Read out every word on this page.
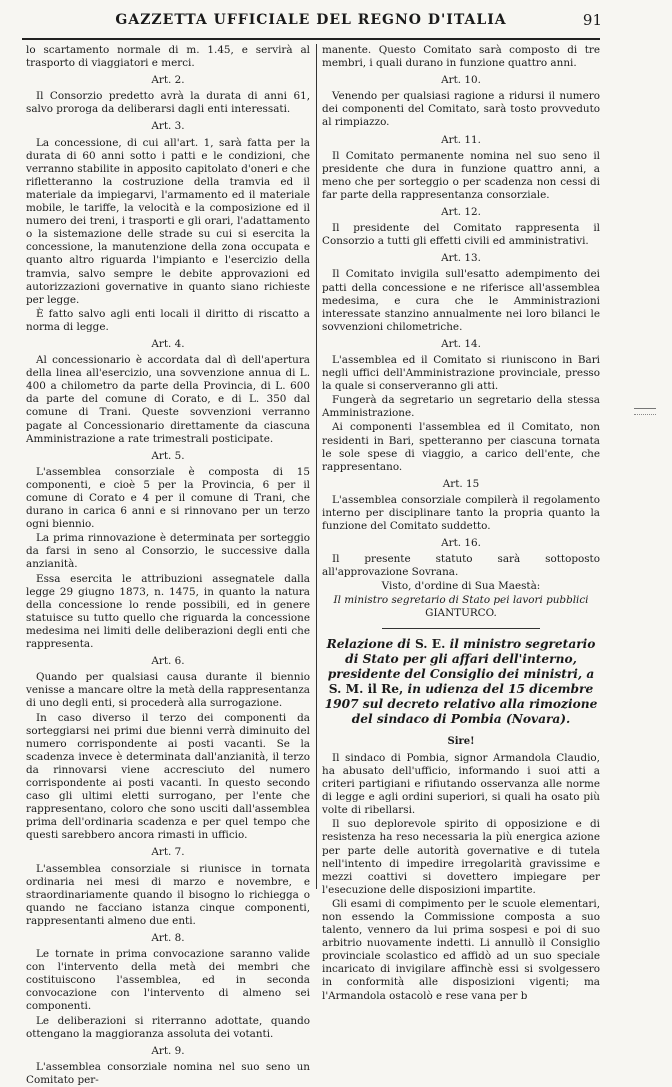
GAZZETTA UFFICIALE DEL REGNO D'ITALIA	91

lo scartamento normale di m. 1.45, e servirà al trasporto di viaggiatori e merci.

Art. 2.

Il Consorzio predetto avrà la durata di anni 61, salvo proroga da deliberarsi dagli enti interessati.

Art. 3.

La concessione, di cui all'art. 1, sarà fatta per la durata di 60 anni sotto i patti e le condizioni, che verranno stabilite in apposito capitolato d'oneri e che rifletteranno la costruzione della tramvia ed il materiale da impiegarvi, l'armamento ed il materiale mobile, le tariffe, la velocità e la composizione ed il numero dei treni, i trasporti e gli orari, l'adattamento o la sistemazione delle strade su cui si esercita la concessione, la manutenzione della zona occupata e quanto altro riguarda l'impianto e l'esercizio della tramvia, salvo sempre le debite approvazioni ed autorizzazioni governative in quanto siano richieste per legge.

È fatto salvo agli enti locali il diritto di riscatto a norma di legge.

Art. 4.

Al concessionario è accordata dal dì dell'apertura della linea all'esercizio, una sovvenzione annua di L. 400 a chilometro da parte della Provincia, di L. 600 da parte del comune di Corato, e di L. 350 dal comune di Trani. Queste sovvenzioni verranno pagate al Concessionario direttamente da ciascuna Amministrazione a rate trimestrali posticipate.

Art. 5.

L'assemblea consorziale è composta di 15 componenti, e cioè 5 per la Provincia, 6 per il comune di Corato e 4 per il comune di Trani, che durano in carica 6 anni e si rinnovano per un terzo ogni biennio.

La prima rinnovazione è determinata per sorteggio da farsi in seno al Consorzio, le successive dalla anzianità.

Essa esercita le attribuzioni assegnatele dalla legge 29 giugno 1873, n. 1475, in quanto la natura della concessione lo rende possibili, ed in genere statuisce su tutto quello che riguarda la concessione medesima nei limiti delle deliberazioni degli enti che rappresenta.

Art. 6.

Quando per qualsiasi causa durante il biennio venisse a mancare oltre la metà della rappresentanza di uno degli enti, si procederà alla surrogazione.

In caso diverso il terzo dei componenti da sorteggiarsi nei primi due bienni verrà diminuito del numero corrispondente ai posti vacanti. Se la scadenza invece è determinata dall'anzianità, il terzo da rinnovarsi viene accresciuto del numero corrispondente ai posti vacanti. In questo secondo caso gli ultimi eletti surrogano, per l'ente che rappresentano, coloro che sono usciti dall'assemblea prima dell'ordinaria scadenza e per quel tempo che questi sarebbero ancora rimasti in ufficio.

Art. 7.

L'assemblea consorziale si riunisce in tornata ordinaria nei mesi di marzo e novembre, e straordinariamente quando il bisogno lo richiegga o quando ne facciano istanza cinque componenti, rappresentanti almeno due enti.

Art. 8.

Le tornate in prima convocazione saranno valide con l'intervento della metà dei membri che costituiscono l'assemblea, ed in seconda convocazione con l'intervento di almeno sei componenti.

Le deliberazioni si riterranno adottate, quando ottengano la maggioranza assoluta dei votanti.

Art. 9.

L'assemblea consorziale nomina nel suo seno un Comitato per-

manente. Questo Comitato sarà composto di tre membri, i quali durano in funzione quattro anni.

Art. 10.

Venendo per qualsiasi ragione a ridursi il numero dei componenti del Comitato, sarà tosto provveduto al rimpiazzo.

Art. 11.

Il Comitato permanente nomina nel suo seno il presidente che dura in funzione quattro anni, a meno che per sorteggio o per scadenza non cessi di far parte della rappresentanza consorziale.

Art. 12.

Il presidente del Comitato rappresenta il Consorzio a tutti gli effetti civili ed amministrativi.

Art. 13.

Il Comitato invigila sull'esatto adempimento dei patti della concessione e ne riferisce all'assemblea medesima, e cura che le Amministrazioni interessate stanzino annualmente nei loro bilanci le sovvenzioni chilometriche.

Art. 14.

L'assemblea ed il Comitato si riuniscono in Bari negli uffici dell'Amministrazione provinciale, presso la quale si conserveranno gli atti.

Fungerà da segretario un segretario della stessa Amministrazione.

Ai componenti l'assemblea ed il Comitato, non residenti in Bari, spetteranno per ciascuna tornata le sole spese di viaggio, a carico dell'ente, che rappresentano.

Art. 15

L'assemblea consorziale compilerà il regolamento interno per disciplinare tanto la propria quanto la funzione del Comitato suddetto.

Art. 16.

Il presente statuto sarà sottoposto all'approvazione Sovrana.

Visto, d'ordine di Sua Maestà:
Il ministro segretario di Stato pei lavori pubblici
GIANTURCO.
Relazione di S. E. il ministro segretario di Stato per gli affari dell'interno, presidente del Consiglio dei ministri, a S. M. il Re, in udienza del 15 dicembre 1907 sul decreto relativo alla rimozione del sindaco di Pombia (Novara).
Sire!

Il sindaco di Pombia, signor Armandola Claudio, ha abusato dell'ufficio, informando i suoi atti a criteri partigiani e rifiutando osservanza alle norme di legge e agli ordini superiori, si quali ha osato più volte di ribellarsi.

Il suo deplorevole spirito di opposizione e di resistenza ha reso necessaria la più energica azione per parte delle autorità governative e di tutela nell'intento di impedire irregolarità gravissime e mezzi coattivi si dovettero impiegare per l'esecuzione delle disposizioni impartite.

Gli esami di compimento per le scuole elementari, non essendo la Commissione composta a suo talento, vennero da lui prima sospesi e poi di suo arbitrio nuovamente indetti. Li annullò il Consiglio provinciale scolastico ed affidò ad un suo speciale incaricato di invigilare affinchè essi si svolgessero in conformità alle disposizioni vigenti; ma l'Armandola ostacolò e rese vana per b
